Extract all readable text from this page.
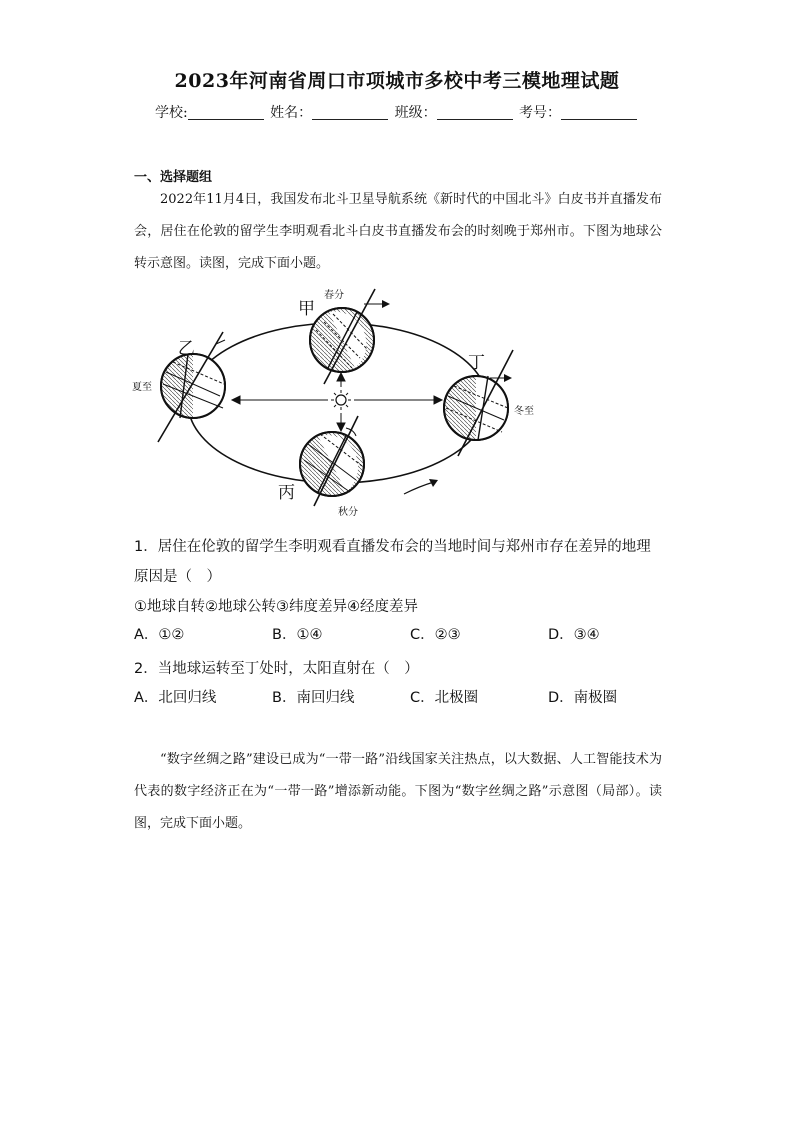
2023年河南省周口市项城市多校中考三模地理试题
学校:	姓名：	班级：	考号：
一、选择题组
2022年11月4日，我国发布北斗卫星导航系统《新时代的中国北斗》白皮书并直播发布会，居住在伦敦的留学生李明观看北斗白皮书直播发布会的时刻晚于郑州市。下图为地球公转示意图。读图，完成下面小题。
甲
春分
乙
夏至
丙
秋分
丁
冬至
1．居住在伦敦的留学生李明观看直播发布会的当地时间与郑州市存在差异的地理原因是（　）
①地球自转②地球公转③纬度差异④经度差异
A．①②	B．①④	C．②③	D．③④
2．当地球运转至丁处时，太阳直射在（　）
A．北回归线	B．南回归线	C．北极圈	D．南极圈
“数字丝绸之路”建设已成为“一带一路”沿线国家关注热点，以大数据、人工智能技术为代表的数字经济正在为“一带一路”增添新动能。下图为“数字丝绸之路”示意图（局部）。读图，完成下面小题。
